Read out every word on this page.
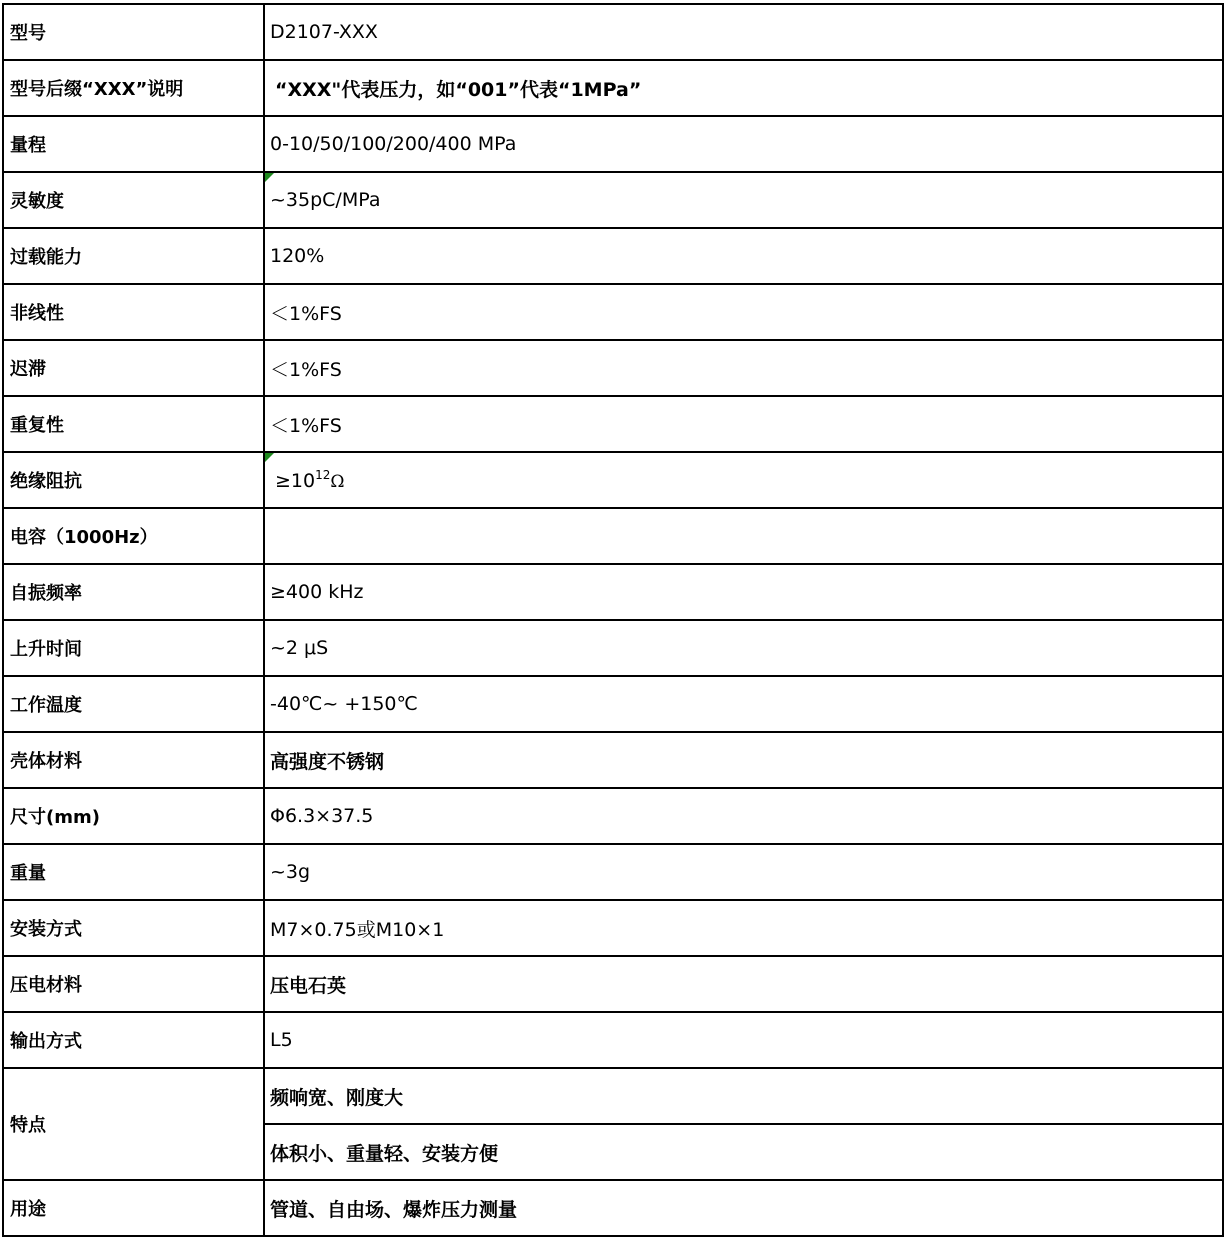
型号	D2107-XXX
型号后缀“XXX”说明	“XXX"代表压力，如“001”代表“1MPa”
量程	0-10/50/100/200/400 MPa
灵敏度	~35pC/MPa
过载能力	120%
非线性	＜1%FS
迟滞	＜1%FS
重复性	＜1%FS
绝缘阻抗	$\ge 10^{12}\Omega$
电容（1000Hz）	
自振频率	≥400 kHz
上升时间	~2 μS
工作温度	-40℃~ +150℃
壳体材料	高强度不锈钢
尺寸(mm)	Φ6.3×37.5
重量	~3g
安装方式	M7×0.75或M10×1
压电材料	压电石英
输出方式	L5
特点	频响宽、刚度大
	体积小、重量轻、安装方便
用途	管道、自由场、爆炸压力测量
